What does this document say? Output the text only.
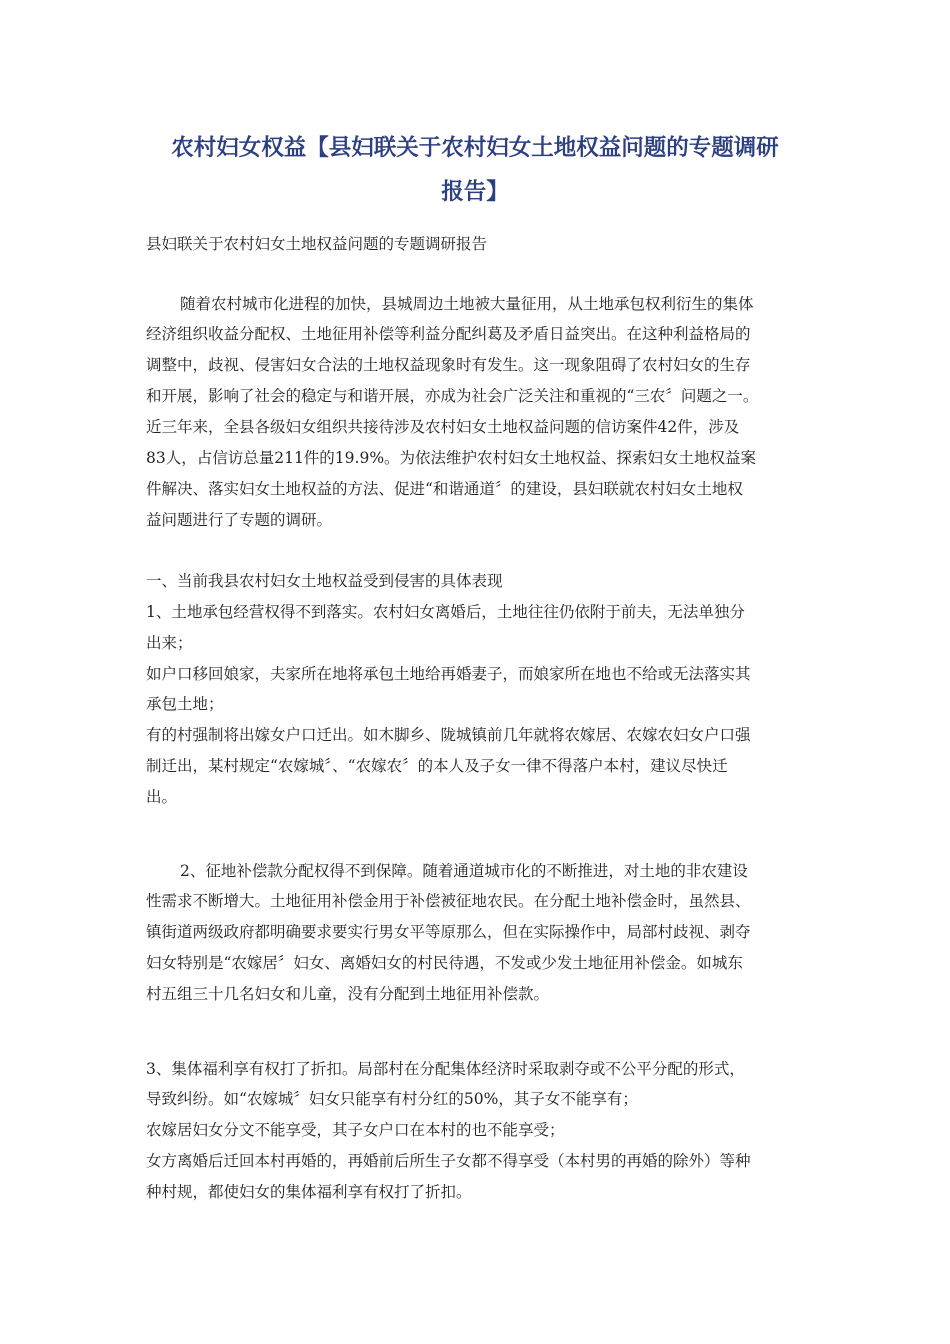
农村妇女权益【县妇联关于农村妇女土地权益问题的专题调研
报告】
县妇联关于农村妇女土地权益问题的专题调研报告
随着农村城市化进程的加快，县城周边土地被大量征用，从土地承包权利衍生的集体
经济组织收益分配权、土地征用补偿等利益分配纠葛及矛盾日益突出。在这种利益格局的
调整中，歧视、侵害妇女合法的土地权益现象时有发生。这一现象阻碍了农村妇女的生存
和开展，影响了社会的稳定与和谐开展，亦成为社会广泛关注和重视的“三农〞问题之一。
近三年来，全县各级妇女组织共接待涉及农村妇女土地权益问题的信访案件42件，涉及
83人，占信访总量211件的19.9%。为依法维护农村妇女土地权益、探索妇女土地权益案
件解决、落实妇女土地权益的方法、促进“和谐通道〞的建设，县妇联就农村妇女土地权
益问题进行了专题的调研。
一、当前我县农村妇女土地权益受到侵害的具体表现
1、土地承包经营权得不到落实。农村妇女离婚后，土地往往仍依附于前夫，无法单独分
出来；
如户口移回娘家，夫家所在地将承包土地给再婚妻子，而娘家所在地也不给或无法落实其
承包土地；
有的村强制将出嫁女户口迁出。如木脚乡、陇城镇前几年就将农嫁居、农嫁农妇女户口强
制迁出，某村规定“农嫁城〞、“农嫁农〞的本人及子女一律不得落户本村，建议尽快迁
出。
2、征地补偿款分配权得不到保障。随着通道城市化的不断推进，对土地的非农建设
性需求不断增大。土地征用补偿金用于补偿被征地农民。在分配土地补偿金时，虽然县、
镇街道两级政府都明确要求要实行男女平等原那么，但在实际操作中，局部村歧视、剥夺
妇女特别是“农嫁居〞妇女、离婚妇女的村民待遇，不发或少发土地征用补偿金。如城东
村五组三十几名妇女和儿童，没有分配到土地征用补偿款。
3、集体福利享有权打了折扣。局部村在分配集体经济时采取剥夺或不公平分配的形式，
导致纠纷。如“农嫁城〞妇女只能享有村分红的50%，其子女不能享有；
农嫁居妇女分文不能享受，其子女户口在本村的也不能享受；
女方离婚后迁回本村再婚的，再婚前后所生子女都不得享受（本村男的再婚的除外）等种
种村规，都使妇女的集体福利享有权打了折扣。
